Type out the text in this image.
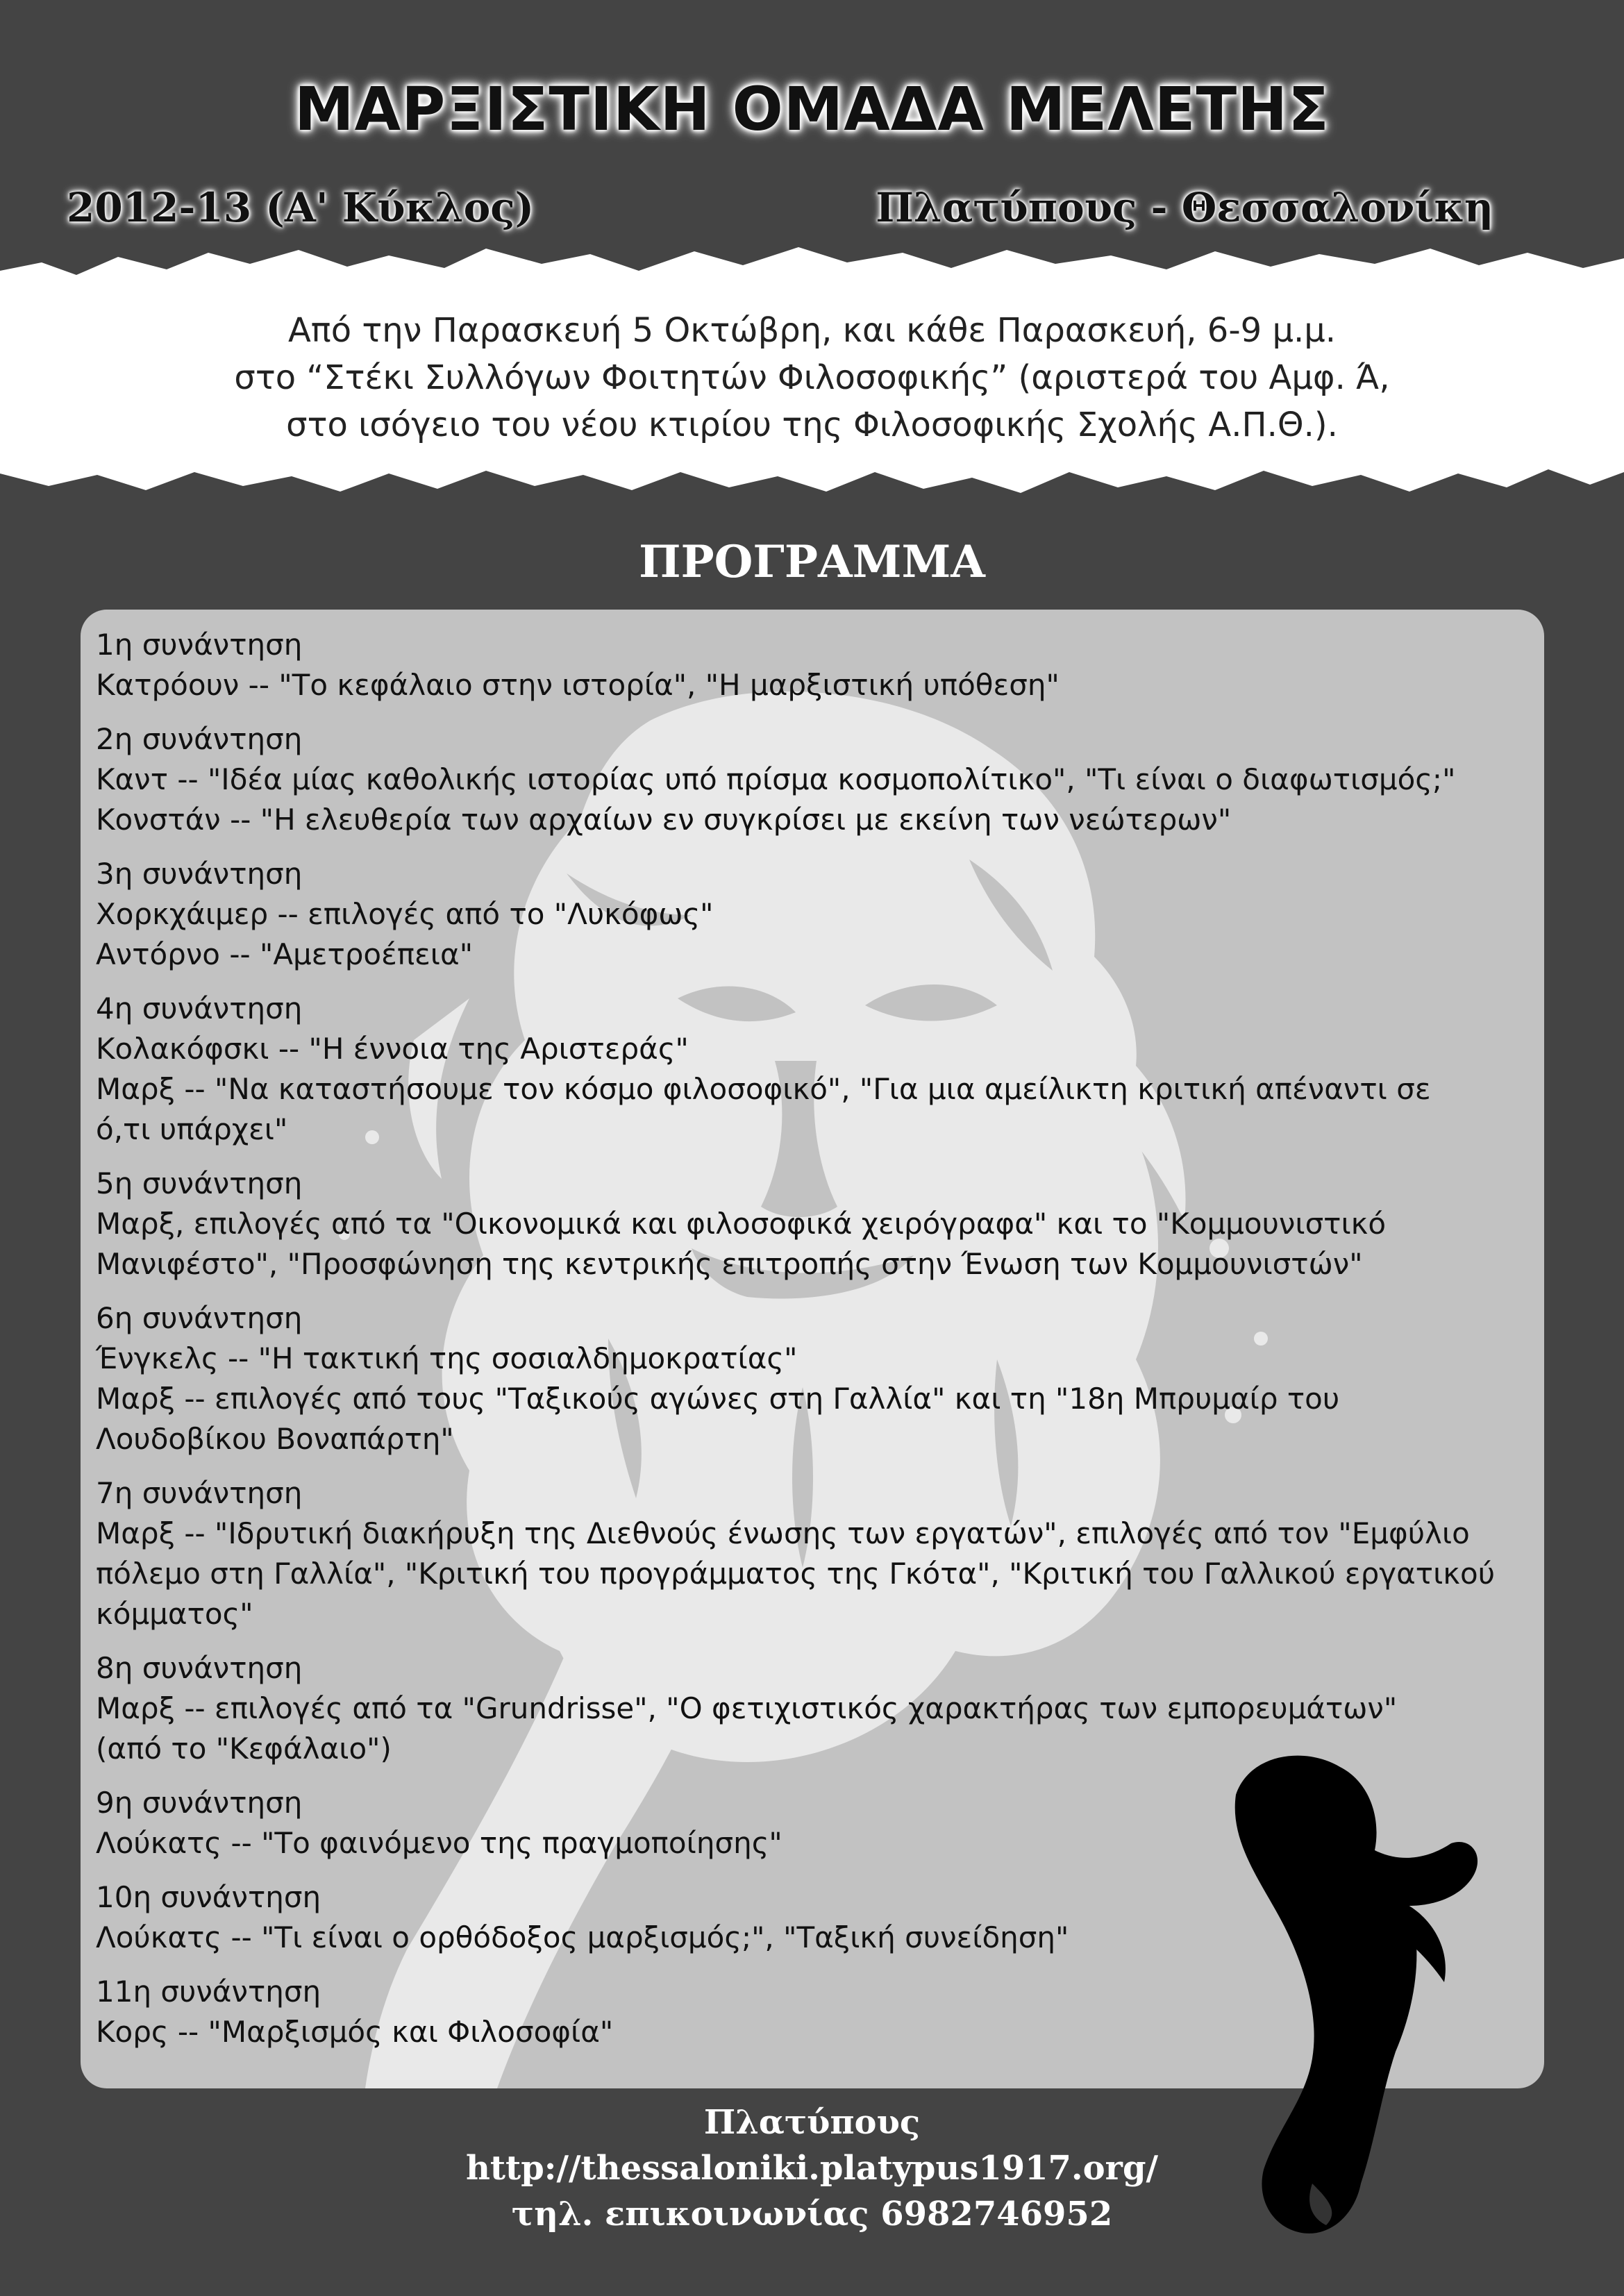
ΜΑΡΞΙΣΤΙΚΗ ΟΜΑΔΑ ΜΕΛΕΤΗΣ
2012-13 (Α' Κύκλος)	Πλατύπους - Θεσσαλονίκη
Από την Παρασκευή 5 Οκτώβρη, και κάθε Παρασκευή, 6-9 μ.μ.
στο “Στέκι Συλλόγων Φοιτητών Φιλοσοφικής” (αριστερά του Αμφ. Ά,
στο ισόγειο του νέου κτιρίου της Φιλοσοφικής Σχολής Α.Π.Θ.).
ΠΡΟΓΡΑΜΜΑ
1η συνάντηση
Κατρόουν -- "Το κεφάλαιο στην ιστορία", "Η μαρξιστική υπόθεση"
2η συνάντηση
Καντ -- "Ιδέα μίας καθολικής ιστορίας υπό πρίσμα κοσμοπολίτικο", "Τι είναι ο διαφωτισμός;"
Κονστάν -- "Η ελευθερία των αρχαίων εν συγκρίσει με εκείνη των νεώτερων"
3η συνάντηση
Χορκχάιμερ -- επιλογές από το "Λυκόφως"
Αντόρνο -- "Αμετροέπεια"
4η συνάντηση
Κολακόφσκι -- "Η έννοια της Αριστεράς"
Μαρξ -- "Να καταστήσουμε τον κόσμο φιλοσοφικό", "Για μια αμείλικτη κριτική απέναντι σε
ό,τι υπάρχει"
5η συνάντηση
Μαρξ, επιλογές από τα "Οικονομικά και φιλοσοφικά χειρόγραφα" και το "Κομμουνιστικό
Μανιφέστο", "Προσφώνηση της κεντρικής επιτροπής στην Ένωση των Κομμουνιστών"
6η συνάντηση
Ένγκελς -- "Η τακτική της σοσιαλδημοκρατίας"
Μαρξ -- επιλογές από τους "Ταξικούς αγώνες στη Γαλλία" και τη "18η Μπρυμαίρ του
Λουδοβίκου Βοναπάρτη"
7η συνάντηση
Μαρξ -- "Ιδρυτική διακήρυξη της Διεθνούς ένωσης των εργατών", επιλογές από τον "Εμφύλιο
πόλεμο στη Γαλλία", "Κριτική του προγράμματος της Γκότα", "Κριτική του Γαλλικού εργατικού
κόμματος"
8η συνάντηση
Μαρξ -- επιλογές από τα "Grundrisse", "Ο φετιχιστικός χαρακτήρας των εμπορευμάτων"
(από το "Κεφάλαιο")
9η συνάντηση
Λούκατς -- "Το φαινόμενο της πραγμοποίησης"
10η συνάντηση
Λούκατς -- "Τι είναι ο ορθόδοξος μαρξισμός;", "Ταξική συνείδηση"
11η συνάντηση
Κορς -- "Μαρξισμός και Φιλοσοφία"
Πλατύπους
http://thessaloniki.platypus1917.org/
τηλ. επικοινωνίας 6982746952
